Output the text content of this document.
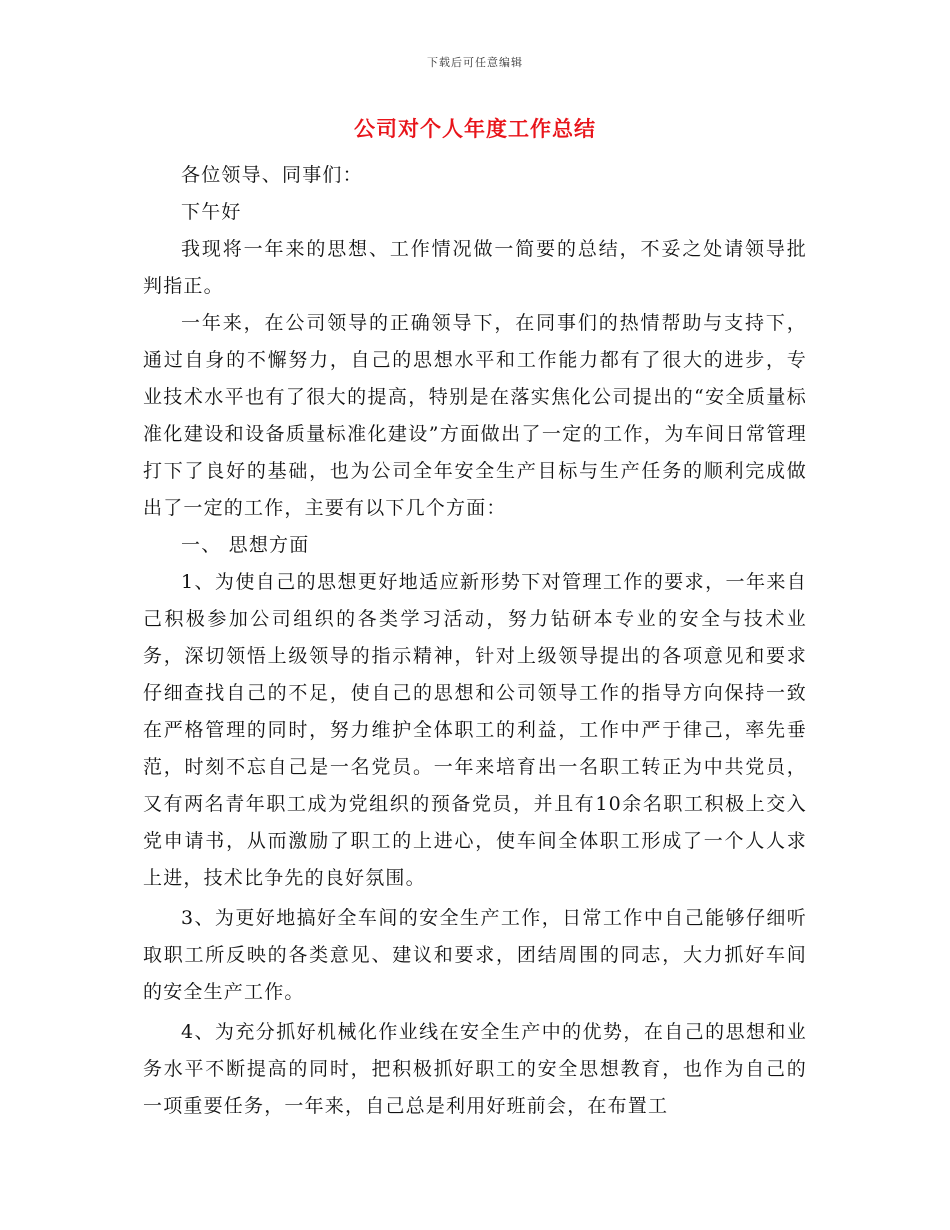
下载后可任意编辑
公司对个人年度工作总结

各位领导、同事们：

下午好

我现将一年来的思想、工作情况做一简要的总结，不妥之处请领导批判指正。

一年来，在公司领导的正确领导下，在同事们的热情帮助与支持下，通过自身的不懈努力，自己的思想水平和工作能力都有了很大的进步，专业技术水平也有了很大的提高，特别是在落实焦化公司提出的“安全质量标准化建设和设备质量标准化建设”方面做出了一定的工作，为车间日常管理打下了良好的基础，也为公司全年安全生产目标与生产任务的顺利完成做出了一定的工作，主要有以下几个方面：

一、 思想方面

1、为使自己的思想更好地适应新形势下对管理工作的要求，一年来自己积极参加公司组织的各类学习活动，努力钻研本专业的安全与技术业务，深切领悟上级领导的指示精神，针对上级领导提出的各项意见和要求仔细查找自己的不足，使自己的思想和公司领导工作的指导方向保持一致在严格管理的同时，努力维护全体职工的利益，工作中严于律己，率先垂范，时刻不忘自己是一名党员。一年来培育出一名职工转正为中共党员，又有两名青年职工成为党组织的预备党员，并且有10余名职工积极上交入党申请书，从而激励了职工的上进心，使车间全体职工形成了一个人人求上进，技术比争先的良好氛围。

3、为更好地搞好全车间的安全生产工作，日常工作中自己能够仔细听取职工所反映的各类意见、建议和要求，团结周围的同志，大力抓好车间的安全生产工作。

4、为充分抓好机械化作业线在安全生产中的优势，在自己的思想和业务水平不断提高的同时，把积极抓好职工的安全思想教育，也作为自己的一项重要任务，一年来，自己总是利用好班前会，在布置工
